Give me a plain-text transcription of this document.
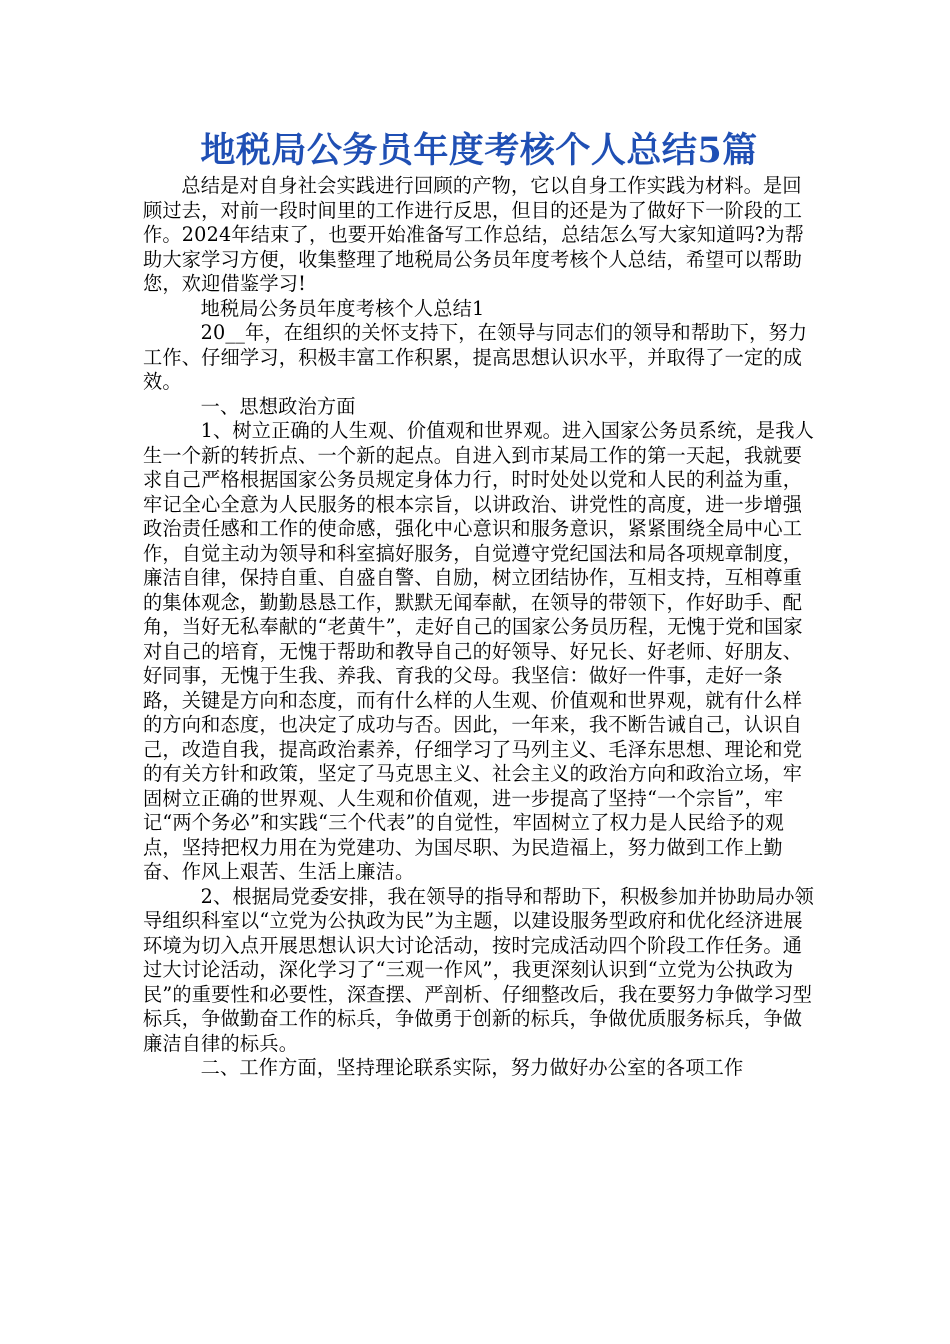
地税局公务员年度考核个人总结5篇

总结是对自身社会实践进行回顾的产物，它以自身工作实践为材料。是回顾过去，对前一段时间里的工作进行反思，但目的还是为了做好下一阶段的工作。2024年结束了，也要开始准备写工作总结，总结怎么写大家知道吗?为帮助大家学习方便，收集整理了地税局公务员年度考核个人总结，希望可以帮助您，欢迎借鉴学习!

地税局公务员年度考核个人总结1

20__年，在组织的关怀支持下，在领导与同志们的领导和帮助下，努力工作、仔细学习，积极丰富工作积累，提高思想认识水平，并取得了一定的成效。

一、思想政治方面

1、树立正确的人生观、价值观和世界观。进入国家公务员系统，是我人生一个新的转折点、一个新的起点。自进入到市某局工作的第一天起，我就要求自己严格根据国家公务员规定身体力行，时时处处以党和人民的利益为重，牢记全心全意为人民服务的根本宗旨，以讲政治、讲党性的高度，进一步增强政治责任感和工作的使命感，强化中心意识和服务意识，紧紧围绕全局中心工作，自觉主动为领导和科室搞好服务，自觉遵守党纪国法和局各项规章制度，廉洁自律，保持自重、自盛自警、自励，树立团结协作，互相支持，互相尊重的集体观念，勤勤恳恳工作，默默无闻奉献，在领导的带领下，作好助手、配角，当好无私奉献的“老黄牛”，走好自己的国家公务员历程，无愧于党和国家对自己的培育，无愧于帮助和教导自己的好领导、好兄长、好老师、好朋友、好同事，无愧于生我、养我、育我的父母。我坚信：做好一件事，走好一条路，关键是方向和态度，而有什么样的人生观、价值观和世界观，就有什么样的方向和态度，也决定了成功与否。因此，一年来，我不断告诫自己，认识自己，改造自我，提高政治素养，仔细学习了马列主义、毛泽东思想、理论和党的有关方针和政策，坚定了马克思主义、社会主义的政治方向和政治立场，牢固树立正确的世界观、人生观和价值观，进一步提高了坚持“一个宗旨”，牢记“两个务必”和实践“三个代表”的自觉性，牢固树立了权力是人民给予的观点，坚持把权力用在为党建功、为国尽职、为民造福上，努力做到工作上勤奋、作风上艰苦、生活上廉洁。

2、根据局党委安排，我在领导的指导和帮助下，积极参加并协助局办领导组织科室以“立党为公执政为民”为主题，以建设服务型政府和优化经济进展环境为切入点开展思想认识大讨论活动，按时完成活动四个阶段工作任务。通过大讨论活动，深化学习了“三观一作风”，我更深刻认识到“立党为公执政为民”的重要性和必要性，深查摆、严剖析、仔细整改后，我在要努力争做学习型标兵，争做勤奋工作的标兵，争做勇于创新的标兵，争做优质服务标兵，争做廉洁自律的标兵。

二、工作方面，坚持理论联系实际，努力做好办公室的各项工作
